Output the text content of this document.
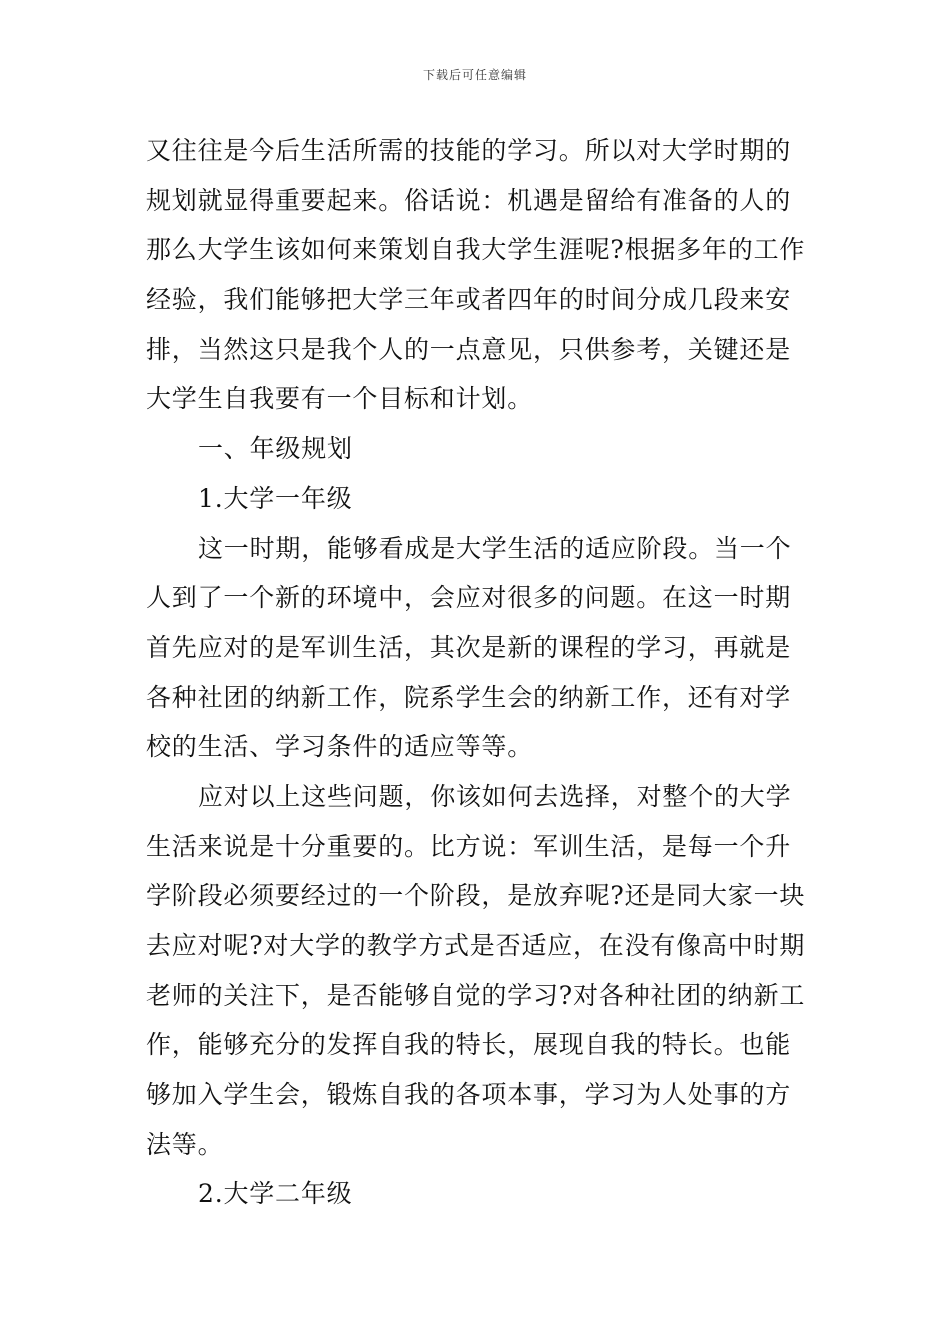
下载后可任意编辑
又往往是今后生活所需的技能的学习。所以对大学时期的
规划就显得重要起来。俗话说：机遇是留给有准备的人的
那么大学生该如何来策划自我大学生涯呢?根据多年的工作
经验，我们能够把大学三年或者四年的时间分成几段来安
排，当然这只是我个人的一点意见，只供参考，关键还是
大学生自我要有一个目标和计划。
一、年级规划
1.大学一年级
这一时期，能够看成是大学生活的适应阶段。当一个
人到了一个新的环境中，会应对很多的问题。在这一时期
首先应对的是军训生活，其次是新的课程的学习，再就是
各种社团的纳新工作，院系学生会的纳新工作，还有对学
校的生活、学习条件的适应等等。
应对以上这些问题，你该如何去选择，对整个的大学
生活来说是十分重要的。比方说：军训生活，是每一个升
学阶段必须要经过的一个阶段，是放弃呢?还是同大家一块
去应对呢?对大学的教学方式是否适应，在没有像高中时期
老师的关注下，是否能够自觉的学习?对各种社团的纳新工
作，能够充分的发挥自我的特长，展现自我的特长。也能
够加入学生会，锻炼自我的各项本事，学习为人处事的方
法等。
2.大学二年级
